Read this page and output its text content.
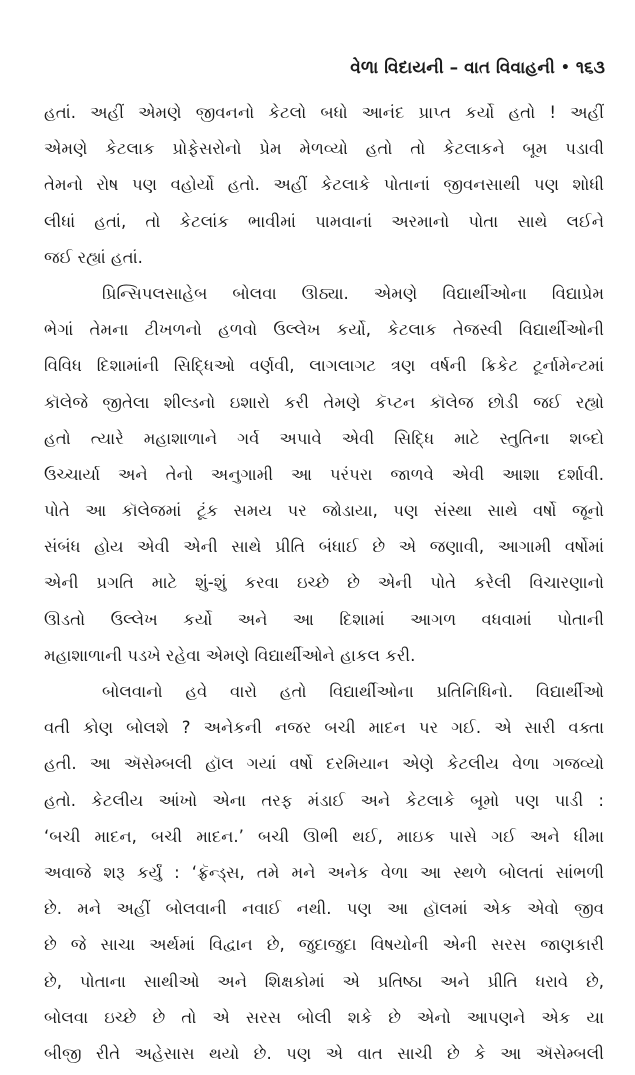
વેળા વિદાયની – વાત વિવાહની • ૧૬૩
હતાં. અહીં એમણે જીવનનો કેટલો બધો આનંદ પ્રાપ્ત કર્યો હતો ! અહીં
એમણે કેટલાક પ્રોફેસરોનો પ્રેમ મેળવ્યો હતો તો કેટલાકને બૂમ પડાવી
તેમનો રોષ પણ વહોર્યો હતો. અહીં કેટલાકે પોતાનાં જીવનસાથી પણ શોધી
લીધાં હતાં, તો કેટલાંક ભાવીમાં પામવાનાં અરમાનો પોતા સાથે લઈને
જઈ રહ્યાં હતાં.
પ્રિન્સિપલસાહેબ બોલવા ઊઠ્યા. એમણે વિદ્યાર્થીઓના વિદ્યાપ્રેમ
ભેગાં તેમના ટીખળનો હળવો ઉલ્લેખ કર્યો, કેટલાક તેજસ્વી વિદ્યાર્થીઓની
વિવિધ દિશામાંની સિદ્ધિઓ વર્ણવી, લાગલાગટ ત્રણ વર્ષની ક્રિકેટ ટૂર્નામેન્ટમાં
કૉલેજે જીતેલા શીલ્ડનો ઇશારો કરી તેમણે કૅપ્ટન કૉલેજ છોડી જઈ રહ્યો
હતો ત્યારે મહાશાળાને ગર્વ અપાવે એવી સિદ્ધિ માટે સ્તુતિના શબ્દો
ઉચ્ચાર્યા અને તેનો અનુગામી આ પરંપરા જાળવે એવી આશા દર્શાવી.
પોતે આ કૉલેજમાં ટૂંક સમય પર જોડાયા, પણ સંસ્થા સાથે વર્ષો જૂનો
સંબંધ હોય એવી એની સાથે પ્રીતિ બંધાઈ છે એ જણાવી, આગામી વર્ષોમાં
એની પ્રગતિ માટે શું-શું કરવા ઇચ્છે છે એની પોતે કરેલી વિચારણાનો
ઊડતો ઉલ્લેખ કર્યો અને આ દિશામાં આગળ વધવામાં પોતાની
મહાશાળાની પડખે રહેવા એમણે વિદ્યાર્થીઓને હાકલ કરી.
બોલવાનો હવે વારો હતો વિદ્યાર્થીઓના પ્રતિનિધિનો. વિદ્યાર્થીઓ
વતી કોણ બોલશે ? અનેકની નજર બચી માદન પર ગઈ. એ સારી વક્તા
હતી. આ ઍસેમ્બલી હૉલ ગયાં વર્ષો દરમિયાન એણે કેટલીય વેળા ગજવ્યો
હતો. કેટલીય આંખો એના તરફ મંડાઈ અને કેટલાકે બૂમો પણ પાડી :
‘બચી માદન, બચી માદન.’ બચી ઊભી થઈ, માઇક પાસે ગઈ અને ધીમા
અવાજે શરૂ કર્યું : ‘ફ્રૅન્ડ્સ, તમે મને અનેક વેળા આ સ્થળે બોલતાં સાંભળી
છે. મને અહીં બોલવાની નવાઈ નથી. પણ આ હૉલમાં એક એવો જીવ
છે જે સાચા અર્થમાં વિદ્વાન છે, જુદાજુદા વિષયોની એની સરસ જાણકારી
છે, પોતાના સાથીઓ અને શિક્ષકોમાં એ પ્રતિષ્ઠા અને પ્રીતિ ધરાવે છે,
બોલવા ઇચ્છે છે તો એ સરસ બોલી શકે છે એનો આપણને એક યા
બીજી રીતે અહેસાસ થયો છે. પણ એ વાત સાચી છે કે આ ઍસેમ્બલી
